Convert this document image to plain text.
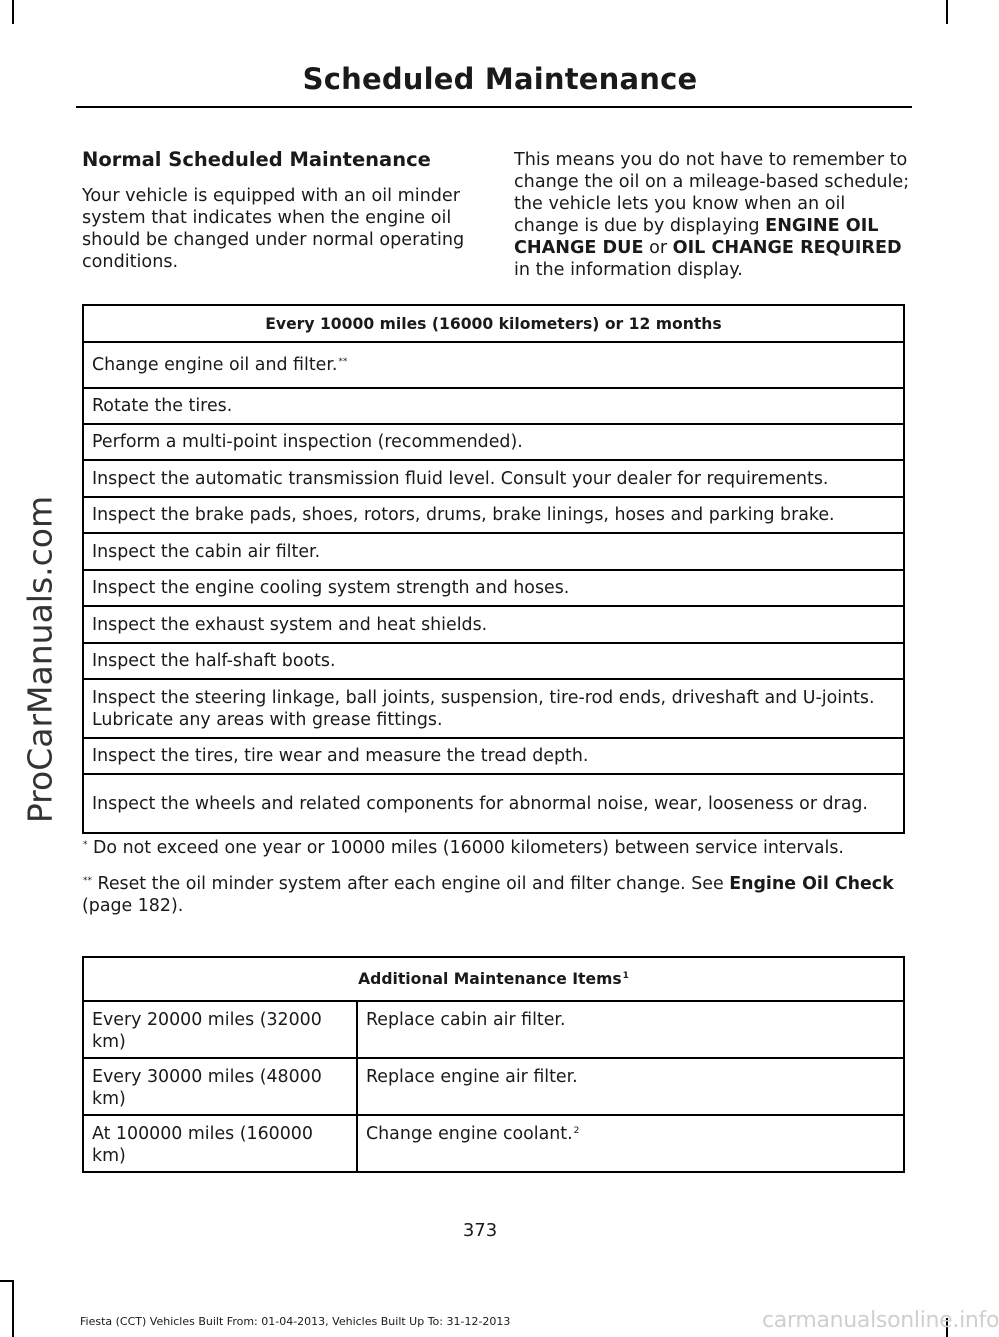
Scheduled Maintenance
ProCarManuals.com
Normal Scheduled Maintenance

Your vehicle is equipped with an oil minder system that indicates when the engine oil should be changed under normal operating conditions.

This means you do not have to remember to change the oil on a mileage-based schedule; the vehicle lets you know when an oil change is due by displaying ENGINE OIL CHANGE DUE or OIL CHANGE REQUIRED in the information display.

Every 10000 miles (16000 kilometers) or 12 months
Change engine oil and filter.**
Rotate the tires.
Perform a multi-point inspection (recommended).
Inspect the automatic transmission fluid level. Consult your dealer for requirements.
Inspect the brake pads, shoes, rotors, drums, brake linings, hoses and parking brake.
Inspect the cabin air filter.
Inspect the engine cooling system strength and hoses.
Inspect the exhaust system and heat shields.
Inspect the half-shaft boots.
Inspect the steering linkage, ball joints, suspension, tire-rod ends, driveshaft and U-joints. Lubricate any areas with grease fittings.
Inspect the tires, tire wear and measure the tread depth.
Inspect the wheels and related components for abnormal noise, wear, looseness or drag.

* Do not exceed one year or 10000 miles (16000 kilometers) between service intervals.

** Reset the oil minder system after each engine oil and filter change. See Engine Oil Check (page 182).

Additional Maintenance Items$^1$
Every 20000 miles (32000 km)	Replace cabin air filter.
Every 30000 miles (48000 km)	Replace engine air filter.
At 100000 miles (160000 km)	Change engine coolant.$^2$
373
Fiesta (CCT) Vehicles Built From: 01-04-2013, Vehicles Built Up To: 31-12-2013	carmanualsonline.info
